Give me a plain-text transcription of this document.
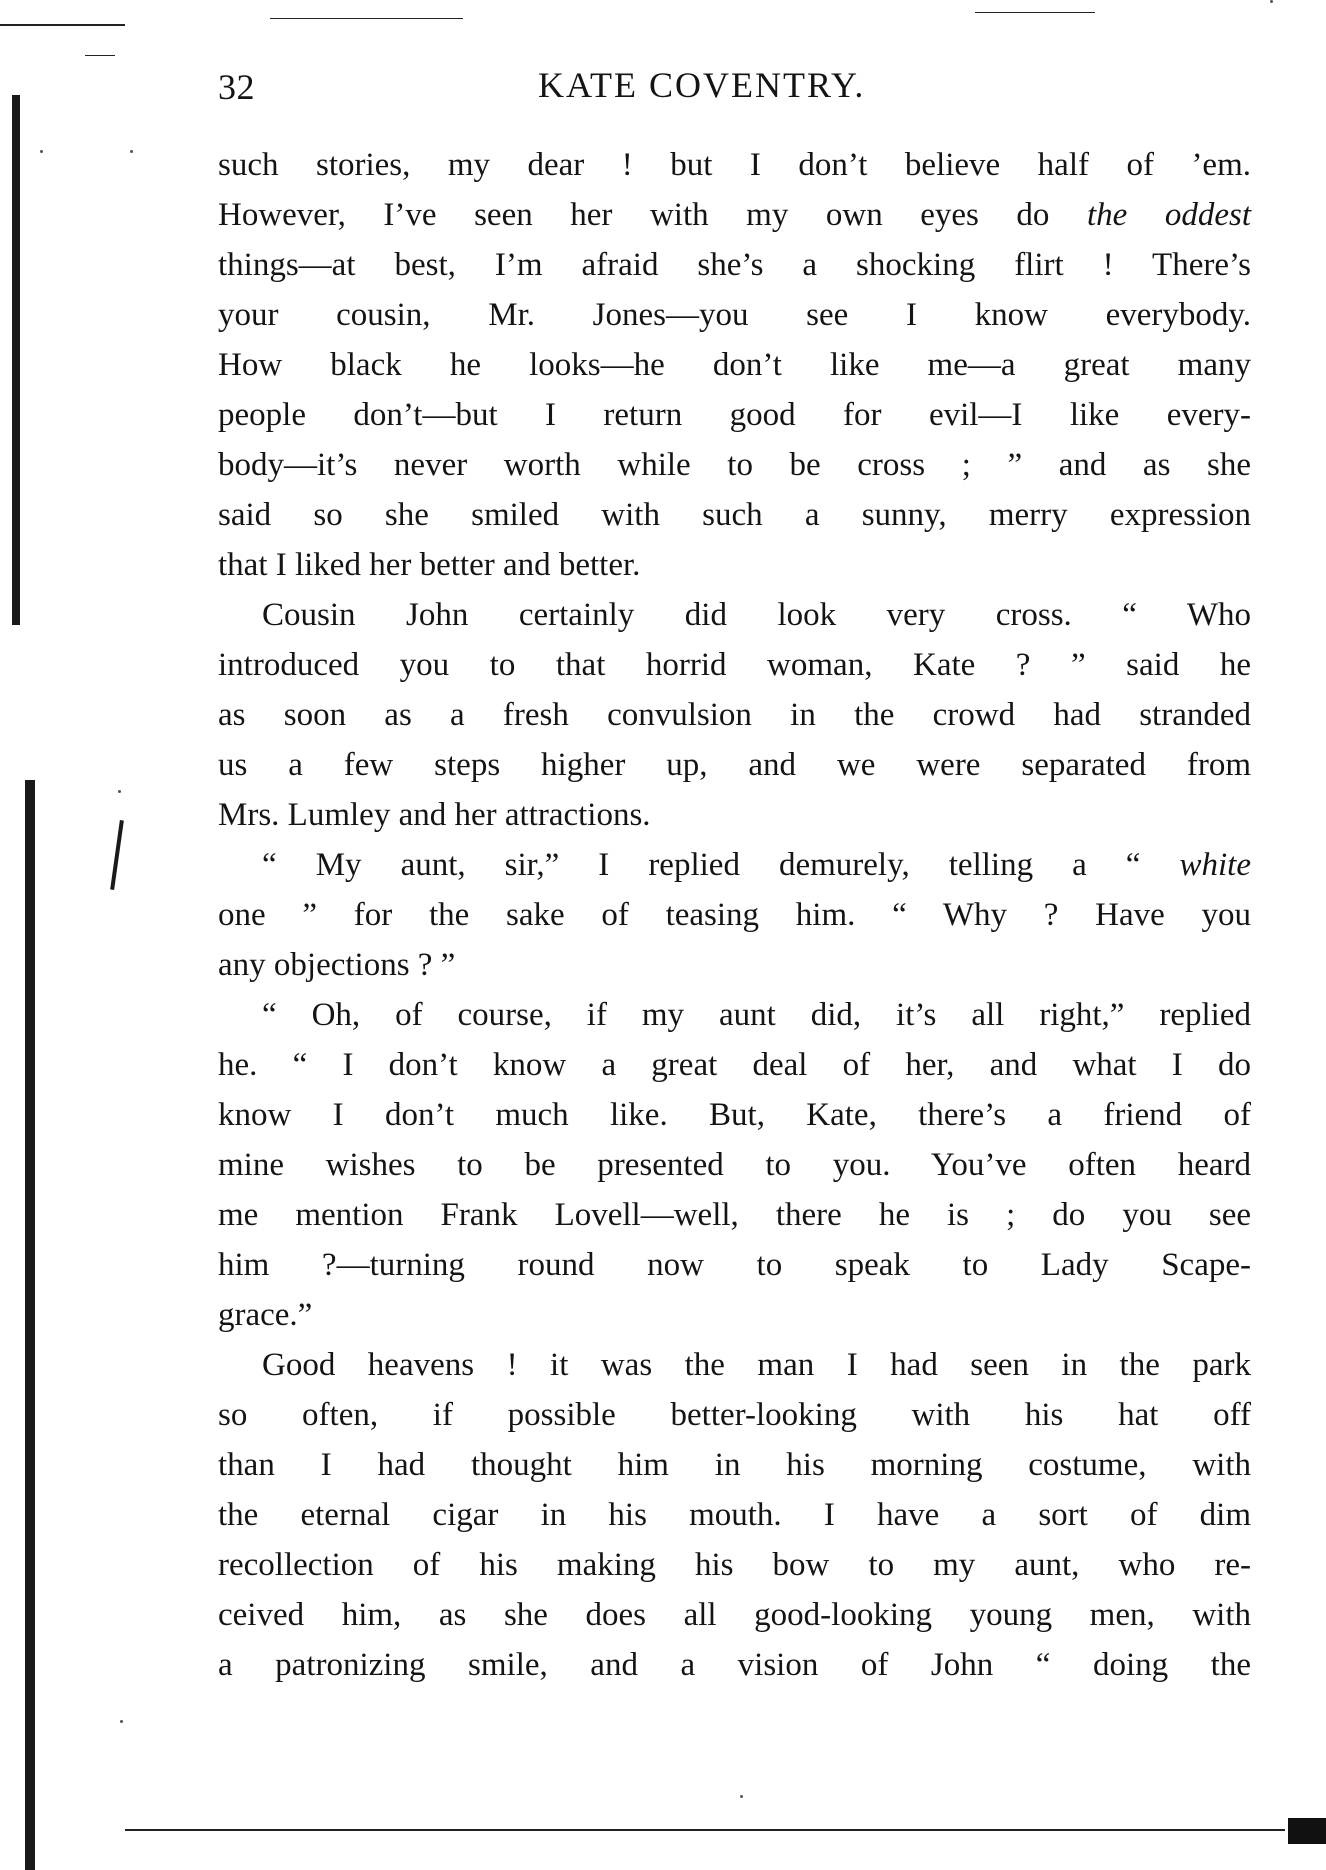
32	KATE COVENTRY.
such stories, my dear ! but I don’t believe half of ’em.
However, I’ve seen her with my own eyes do the oddest
things—at best, I’m afraid she’s a shocking flirt ! There’s
your cousin, Mr. Jones—you see I know everybody.
How black he looks—he don’t like me—a great many
people don’t—but I return good for evil—I like every-
body—it’s never worth while to be cross ; ” and as she
said so she smiled with such a sunny, merry expression
that I liked her better and better.
Cousin John certainly did look very cross. “ Who
introduced you to that horrid woman, Kate ? ” said he
as soon as a fresh convulsion in the crowd had stranded
us a few steps higher up, and we were separated from
Mrs. Lumley and her attractions.
“ My aunt, sir,” I replied demurely, telling a “ white
one ” for the sake of teasing him. “ Why ? Have you
any objections ? ”
“ Oh, of course, if my aunt did, it’s all right,” replied
he. “ I don’t know a great deal of her, and what I do
know I don’t much like. But, Kate, there’s a friend of
mine wishes to be presented to you. You’ve often heard
me mention Frank Lovell—well, there he is ; do you see
him ?—turning round now to speak to Lady Scape-
grace.”
Good heavens ! it was the man I had seen in the park
so often, if possible better-looking with his hat off
than I had thought him in his morning costume, with
the eternal cigar in his mouth. I have a sort of dim
recollection of his making his bow to my aunt, who re-
ceived him, as she does all good-looking young men, with
a patronizing smile, and a vision of John “ doing the
